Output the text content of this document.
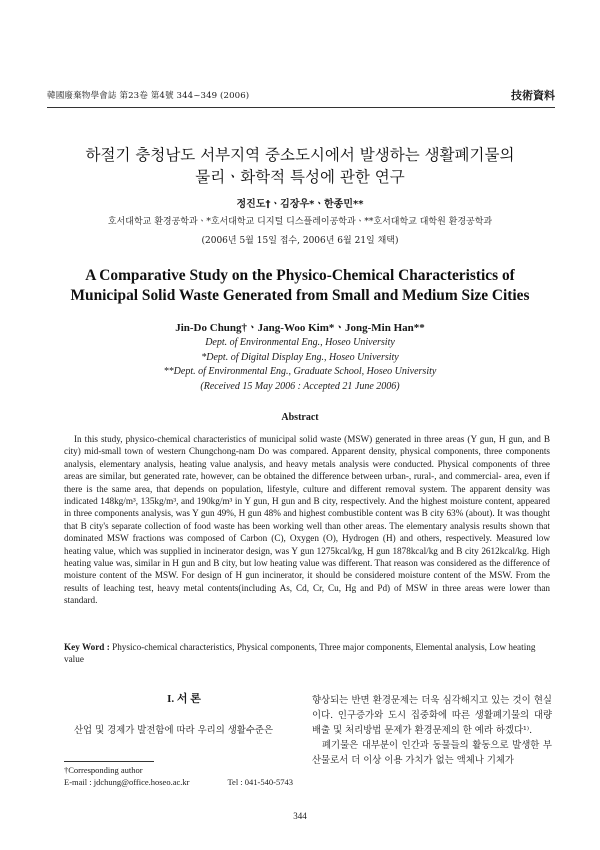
韓國廢棄物學會誌 第23卷 第4號 344~349 (2006)	技術資料
하절기 충청남도 서부지역 중소도시에서 발생하는 생활폐기물의
물리ㆍ화학적 특성에 관한 연구
정진도†ㆍ김장우*ㆍ한종민**
호서대학교 환경공학과ㆍ*호서대학교 디지털 디스플레이공학과ㆍ**호서대학교 대학원 환경공학과
(2006년 5월 15일 접수, 2006년 6월 21일 채택)
A Comparative Study on the Physico-Chemical Characteristics of
Municipal Solid Waste Generated from Small and Medium Size Cities
Jin-Do Chung†ㆍJang-Woo Kim*ㆍJong-Min Han**
Dept. of Environmental Eng., Hoseo University
*Dept. of Digital Display Eng., Hoseo University
**Dept. of Environmental Eng., Graduate School, Hoseo University
(Received 15 May 2006 : Accepted 21 June 2006)
Abstract
In this study, physico-chemical characteristics of municipal solid waste (MSW) generated in three areas (Y gun, H gun, and B city) mid-small town of western Chungchong-nam Do was compared. Apparent density, physical components, three components analysis, elementary analysis, heating value analysis, and heavy metals analysis were conducted. Physical components of three areas are similar, but generated rate, however, can be obtained the difference between urban-, rural-, and commercial- area, even if there is the same area, that depends on population, lifestyle, culture and different removal system. The apparent density was indicated 148kg/m³, 135kg/m³, and 190kg/m³ in Y gun, H gun and B city, respectively. And the highest moisture content, appeared in three components analysis, was Y gun 49%, H gun 48% and highest combustible content was B city 63% (about). It was thought that B city's separate collection of food waste has been working well than other areas. The elementary analysis results shown that dominated MSW fractions was composed of Carbon (C), Oxygen (O), Hydrogen (H) and others, respectively. Measured low heating value, which was supplied in incinerator design, was Y gun 1275kcal/kg, H gun 1878kcal/kg and B city 2612kcal/kg. High heating value was, similar in H gun and B city, but low heating value was different. That reason was considered as the difference of moisture content of the MSW. For design of H gun incinerator, it should be considered moisture content of the MSW. From the results of leaching test, heavy metal contents(including As, Cd, Cr, Cu, Hg and Pd) of MSW in three areas were lower than standard.
Key Word : Physico-chemical characteristics, Physical components, Three major components, Elemental analysis, Low heating value
I. 서 론
산업 및 경제가 발전함에 따라 우리의 생활수준은
†Corresponding author
E-mail : jdchung@office.hoseo.ac.kr	Tel : 041-540-5743
향상되는 반면 환경문제는 더욱 심각해지고 있는 것이 현실이다. 인구증가와 도시 집중화에 따른 생활폐기물의 대량 배출 및 처리방법 문제가 환경문제의 한 예라 하겠다¹⁾.
폐기물은 대부분이 인간과 동물들의 활동으로 발생한 부산물로서 더 이상 이용 가치가 없는 액체나 기체가
344
